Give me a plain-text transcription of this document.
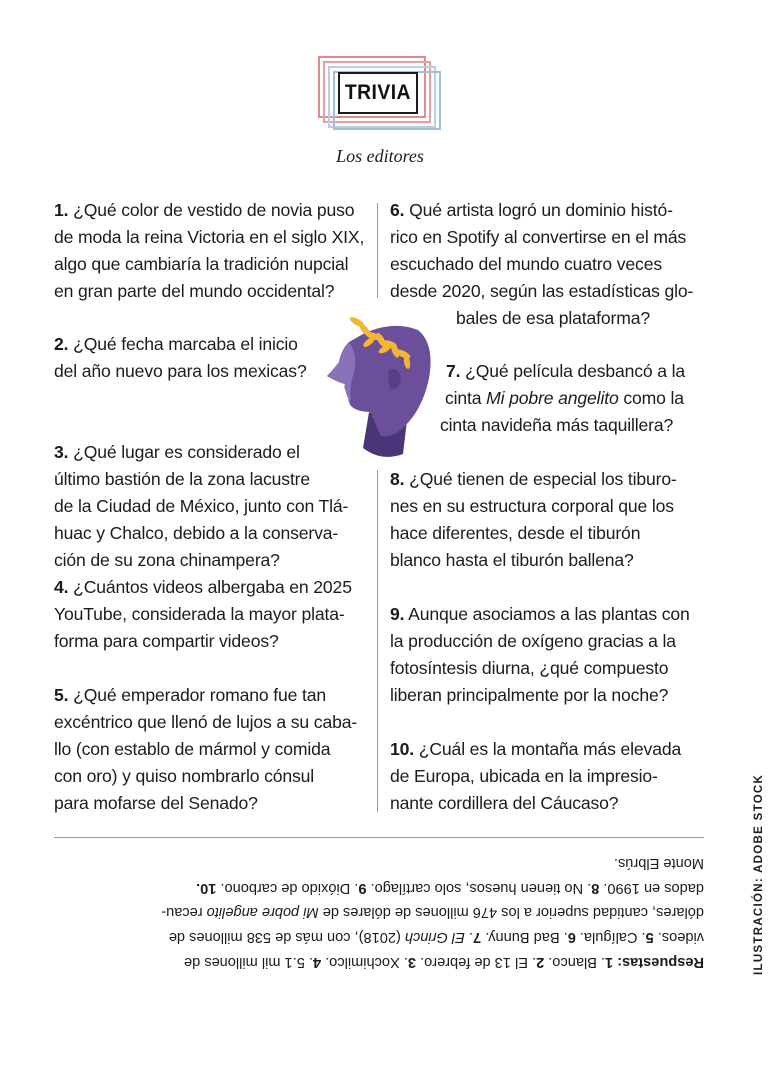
TRIVIA
Los editores
1. ¿Qué color de vestido de novia puso
de moda la reina Victoria en el siglo XIX,
algo que cambiaría la tradición nupcial
en gran parte del mundo occidental?
2. ¿Qué fecha marcaba el inicio
del año nuevo para los mexicas?
3. ¿Qué lugar es considerado el
último bastión de la zona lacustre
de la Ciudad de México, junto con Tlá-
huac y Chalco, debido a la conserva-
ción de su zona chinampera?
4. ¿Cuántos videos albergaba en 2025
YouTube, considerada la mayor plata-
forma para compartir videos?
5. ¿Qué emperador romano fue tan
excéntrico que llenó de lujos a su caba-
llo (con establo de mármol y comida
con oro) y quiso nombrarlo cónsul
para mofarse del Senado?
6. Qué artista logró un dominio histó-
rico en Spotify al convertirse en el más
escuchado del mundo cuatro veces
desde 2020, según las estadísticas glo-
bales de esa plataforma?
7. ¿Qué película desbancó a la
cinta Mi pobre angelito como la
cinta navideña más taquillera?
8. ¿Qué tienen de especial los tiburo-
nes en su estructura corporal que los
hace diferentes, desde el tiburón
blanco hasta el tiburón ballena?
9. Aunque asociamos a las plantas con
la producción de oxígeno gracias a la
fotosíntesis diurna, ¿qué compuesto
liberan principalmente por la noche?
10. ¿Cuál es la montaña más elevada
de Europa, ubicada en la impresio-
nante cordillera del Cáucaso?
Respuestas: 1. Blanco. 2. El 13 de febrero. 3. Xochimilco. 4. 5.1 mil millones de
videos. 5. Calígula. 6. Bad Bunny. 7. El Grinch (2018), con más de 538 millones de
dólares, cantidad superior a los 476 millones de dólares de Mi pobre angelito recau-
dados en 1990. 8. No tienen huesos, solo cartílago. 9. Dióxido de carbono. 10.
Monte Elbrús.	ILUSTRACIÓN: ADOBE STOCK
